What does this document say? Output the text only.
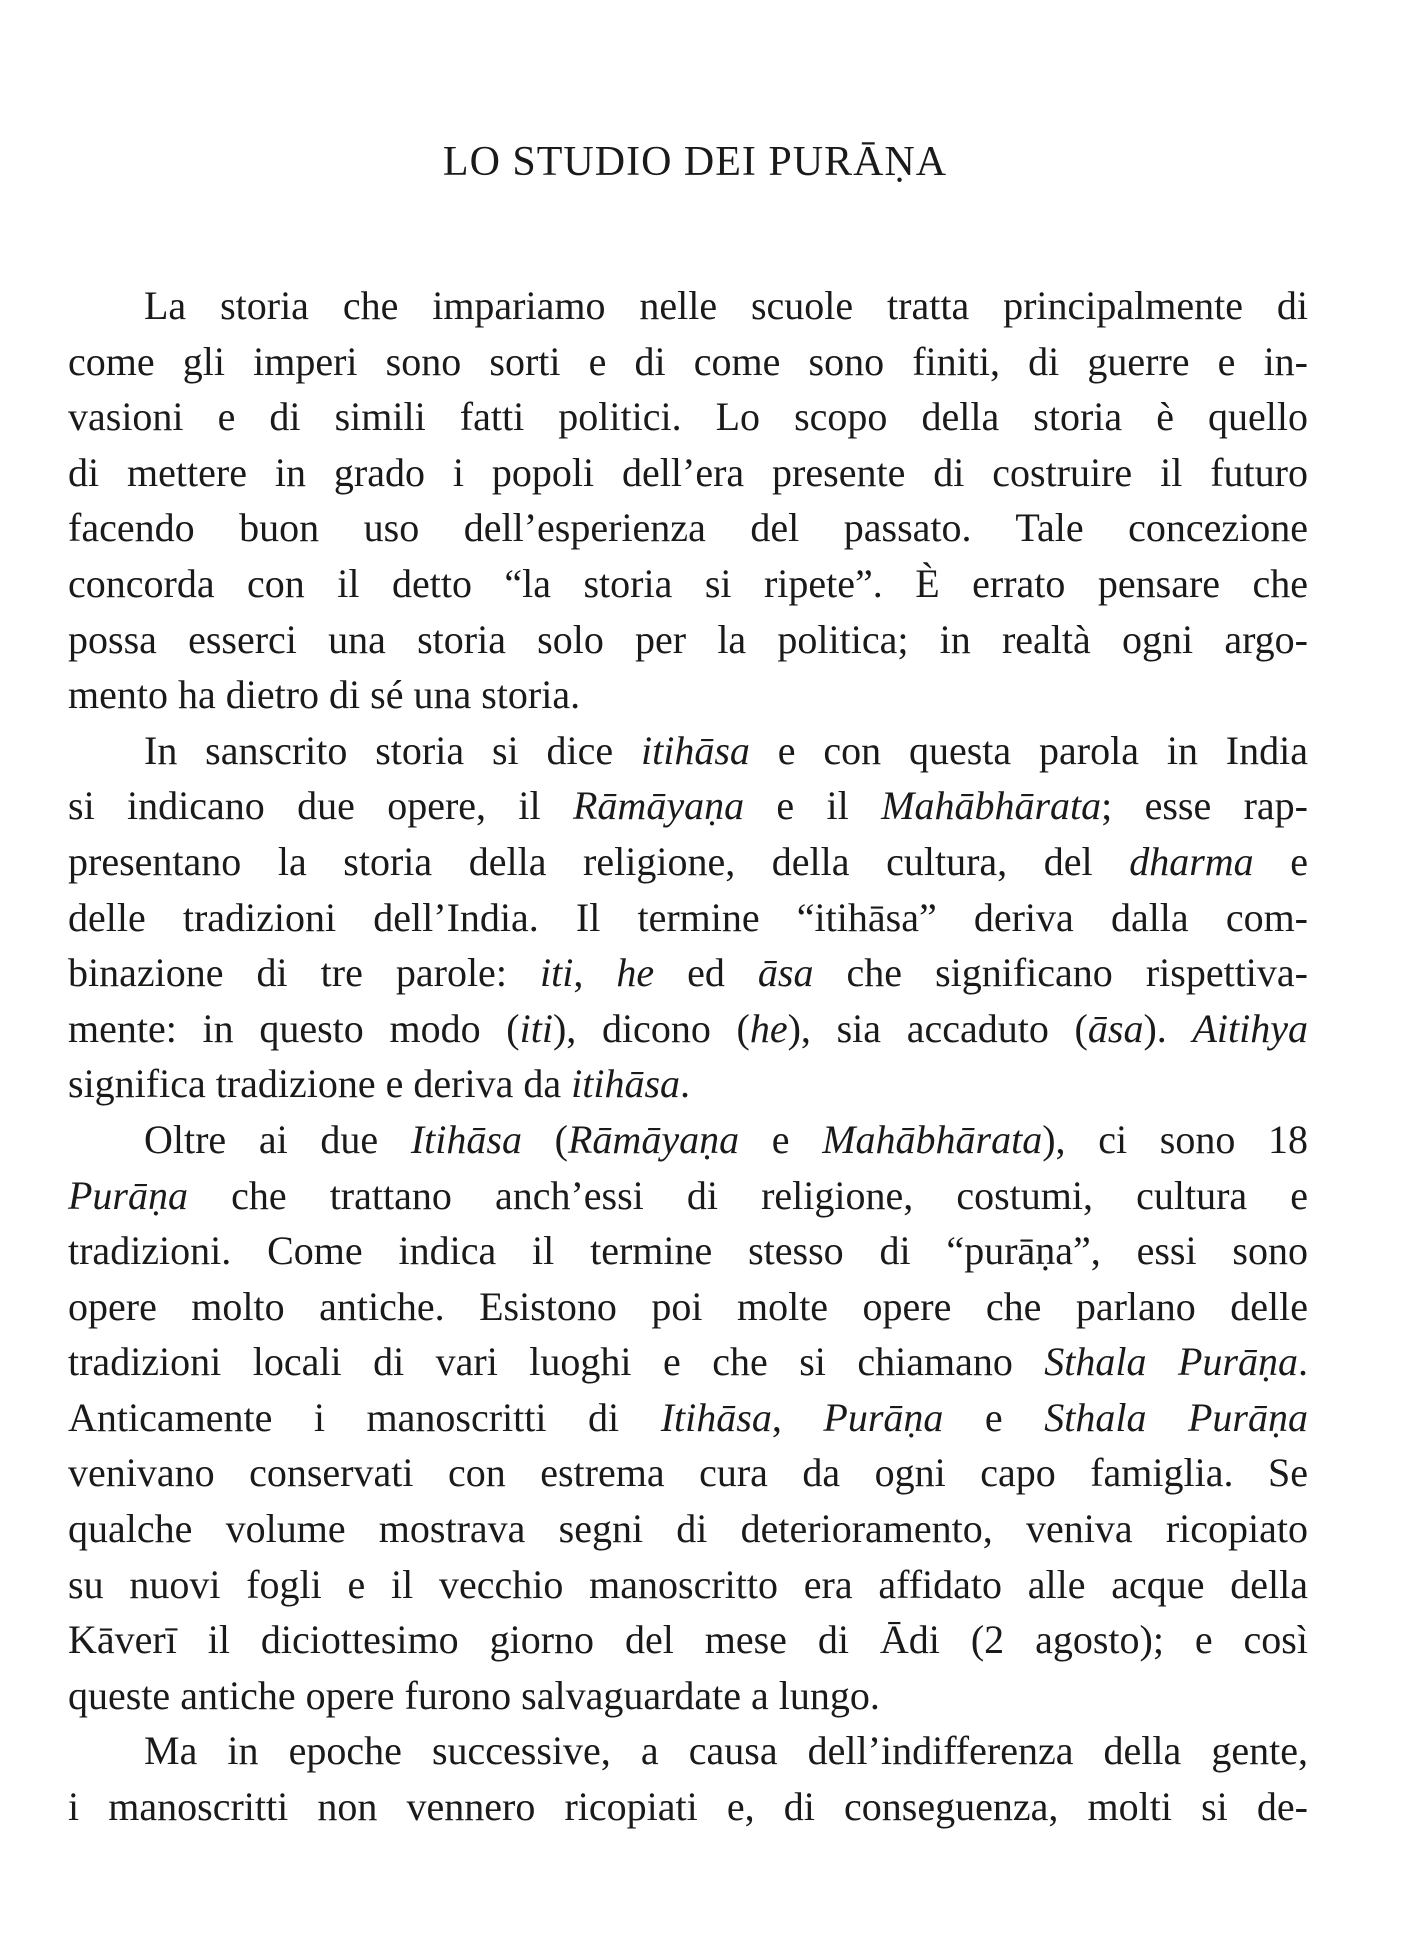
LO STUDIO DEI PURĀṆA
La storia che impariamo nelle scuole tratta principalmente di
come gli imperi sono sorti e di come sono finiti, di guerre e in-
vasioni e di simili fatti politici. Lo scopo della storia è quello
di mettere in grado i popoli dell’era presente di costruire il futuro
facendo buon uso dell’esperienza del passato. Tale concezione
concorda con il detto “la storia si ripete”. È errato pensare che
possa esserci una storia solo per la politica; in realtà ogni argo-
mento ha dietro di sé una storia.
In sanscrito storia si dice itihāsa e con questa parola in India
si indicano due opere, il Rāmāyaṇa e il Mahābhārata; esse rap-
presentano la storia della religione, della cultura, del dharma e
delle tradizioni dell’India. Il termine “itihāsa” deriva dalla com-
binazione di tre parole: iti, he ed āsa che significano rispettiva-
mente: in questo modo (iti), dicono (he), sia accaduto (āsa). Aitihya
significa tradizione e deriva da itihāsa.
Oltre ai due Itihāsa (Rāmāyaṇa e Mahābhārata), ci sono 18
Purāṇa che trattano anch’essi di religione, costumi, cultura e
tradizioni. Come indica il termine stesso di “purāṇa”, essi sono
opere molto antiche. Esistono poi molte opere che parlano delle
tradizioni locali di vari luoghi e che si chiamano Sthala Purāṇa.
Anticamente i manoscritti di Itihāsa, Purāṇa e Sthala Purāṇa
venivano conservati con estrema cura da ogni capo famiglia. Se
qualche volume mostrava segni di deterioramento, veniva ricopiato
su nuovi fogli e il vecchio manoscritto era affidato alle acque della
Kāverī il diciottesimo giorno del mese di Ādi (2 agosto); e così
queste antiche opere furono salvaguardate a lungo.
Ma in epoche successive, a causa dell’indifferenza della gente,
i manoscritti non vennero ricopiati e, di conseguenza, molti si de-
